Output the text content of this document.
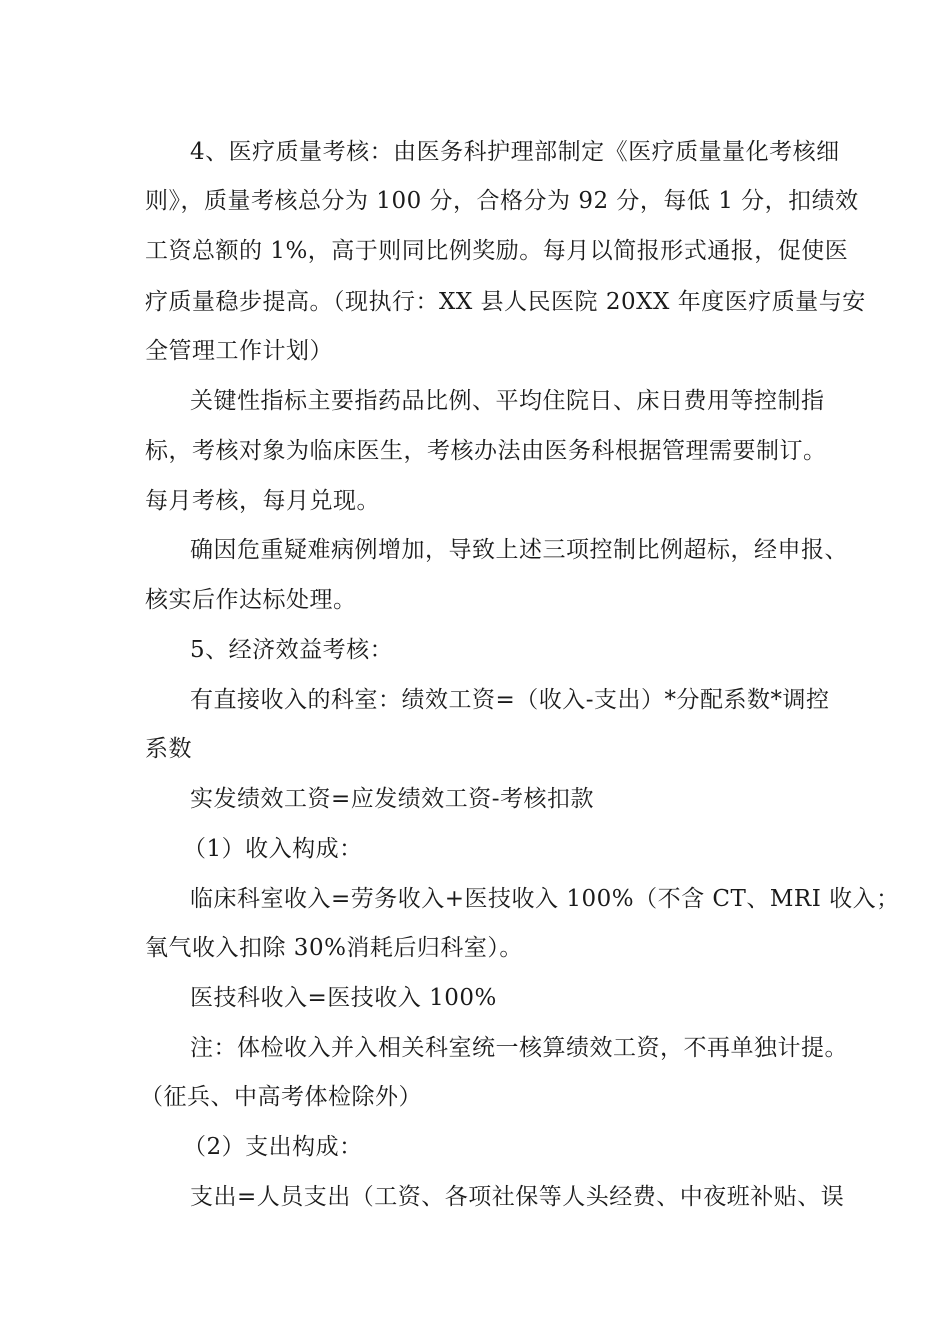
4、医疗质量考核：由医务科护理部制定《医疗质量量化考核细
则》，质量考核总分为 100 分，合格分为 92 分，每低 1 分，扣绩效
工资总额的 1%，高于则同比例奖励。每月以简报形式通报，促使医
疗质量稳步提高。（现执行：XX 县人民医院 20XX 年度医疗质量与安
全管理工作计划）
关键性指标主要指药品比例、平均住院日、床日费用等控制指
标，考核对象为临床医生，考核办法由医务科根据管理需要制订。
每月考核，每月兑现。
确因危重疑难病例增加，导致上述三项控制比例超标，经申报、
核实后作达标处理。
5、经济效益考核：
有直接收入的科室：绩效工资=（收入-支出）*分配系数*调控
系数
实发绩效工资=应发绩效工资-考核扣款
（1）收入构成：
临床科室收入=劳务收入+医技收入 100%（不含 CT、MRI 收入；
氧气收入扣除 30%消耗后归科室）。
医技科收入=医技收入 100%
注：体检收入并入相关科室统一核算绩效工资，不再单独计提。
（征兵、中高考体检除外）
（2）支出构成：
支出=人员支出（工资、各项社保等人头经费、中夜班补贴、误
